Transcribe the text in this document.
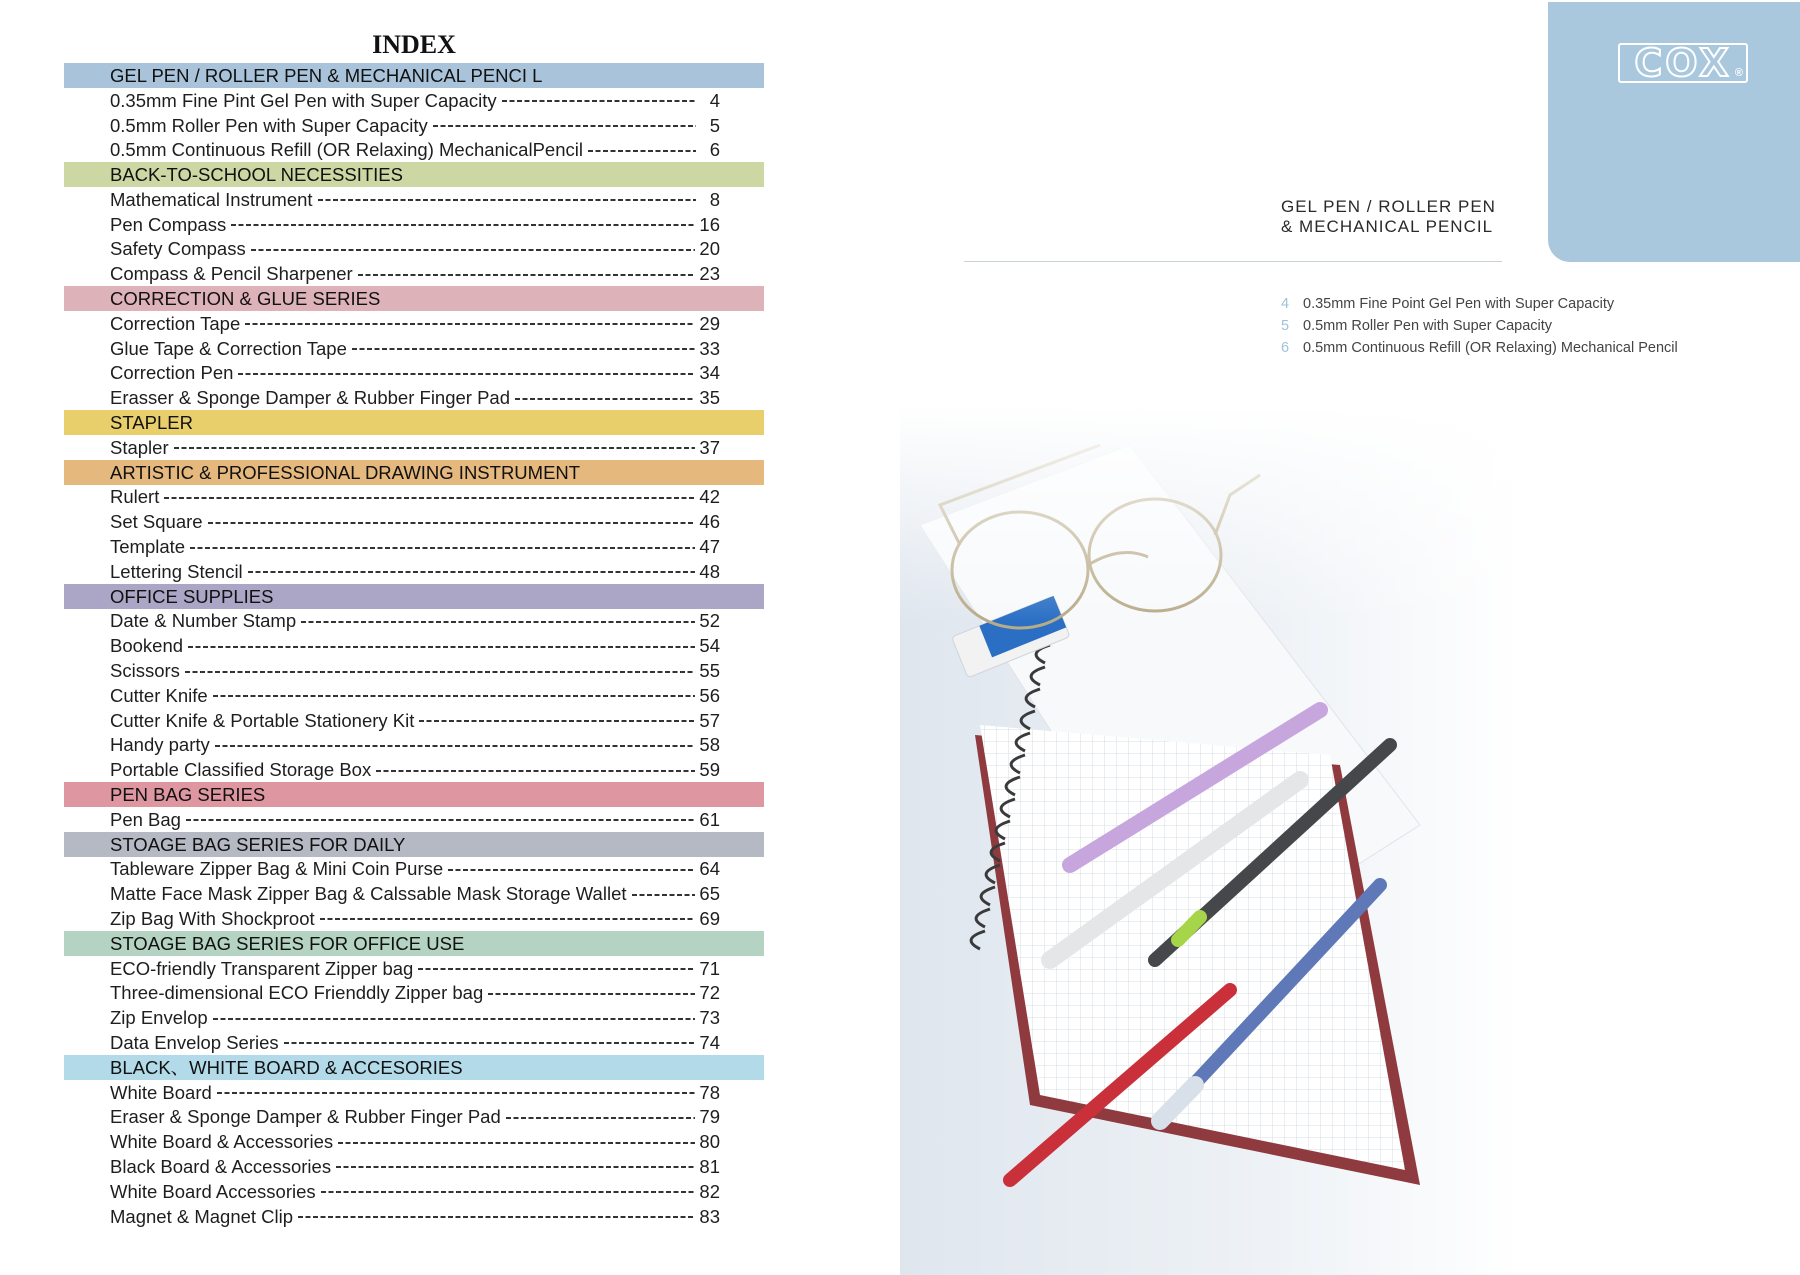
INDEX
GEL PEN / ROLLER PEN & MECHANICAL PENCI L
0.35mm Fine Pint Gel Pen with Super Capacity	4
0.5mm Roller Pen with Super Capacity	5
0.5mm Continuous Refill (OR Relaxing) MechanicalPencil	6
BACK-TO-SCHOOL NECESSITIES
Mathematical Instrument	8
Pen Compass	16
Safety Compass	20
Compass & Pencil Sharpener	23
CORRECTION & GLUE SERIES
Correction Tape	29
Glue Tape & Correction Tape	33
Correction Pen	34
Erasser & Sponge Damper & Rubber Finger Pad	35
STAPLER
Stapler	37
ARTISTIC & PROFESSIONAL DRAWING INSTRUMENT
Rulert	42
Set Square	46
Template	47
Lettering Stencil	48
OFFICE SUPPLIES
Date & Number Stamp	52
Bookend	54
Scissors	55
Cutter Knife	56
Cutter Knife & Portable Stationery Kit	57
Handy party	58
Portable Classified Storage Box	59
PEN BAG SERIES
Pen Bag	61
STOAGE BAG SERIES FOR DAILY
Tableware Zipper Bag & Mini Coin Purse	64
Matte Face Mask Zipper Bag & Calssable Mask Storage Wallet	65
Zip Bag With Shockproot	69
STOAGE BAG SERIES FOR OFFICE USE
ECO-friendly Transparent Zipper bag	71
Three-dimensional ECO Frienddly Zipper bag	72
Zip Envelop	73
Data Envelop Series	74
BLACK、WHITE BOARD & ACCESORIES
White Board	78
Eraser & Sponge Damper & Rubber Finger Pad	79
White Board & Accessories	80
Black Board & Accessories	81
White Board Accessories	82
Magnet & Magnet Clip	83
COX ®
GEL PEN / ROLLER PEN
& MECHANICAL PENCIL
4 0.35mm Fine Point Gel Pen with Super Capacity
5 0.5mm Roller Pen with Super Capacity
6 0.5mm Continuous Refill (OR Relaxing) Mechanical Pencil
